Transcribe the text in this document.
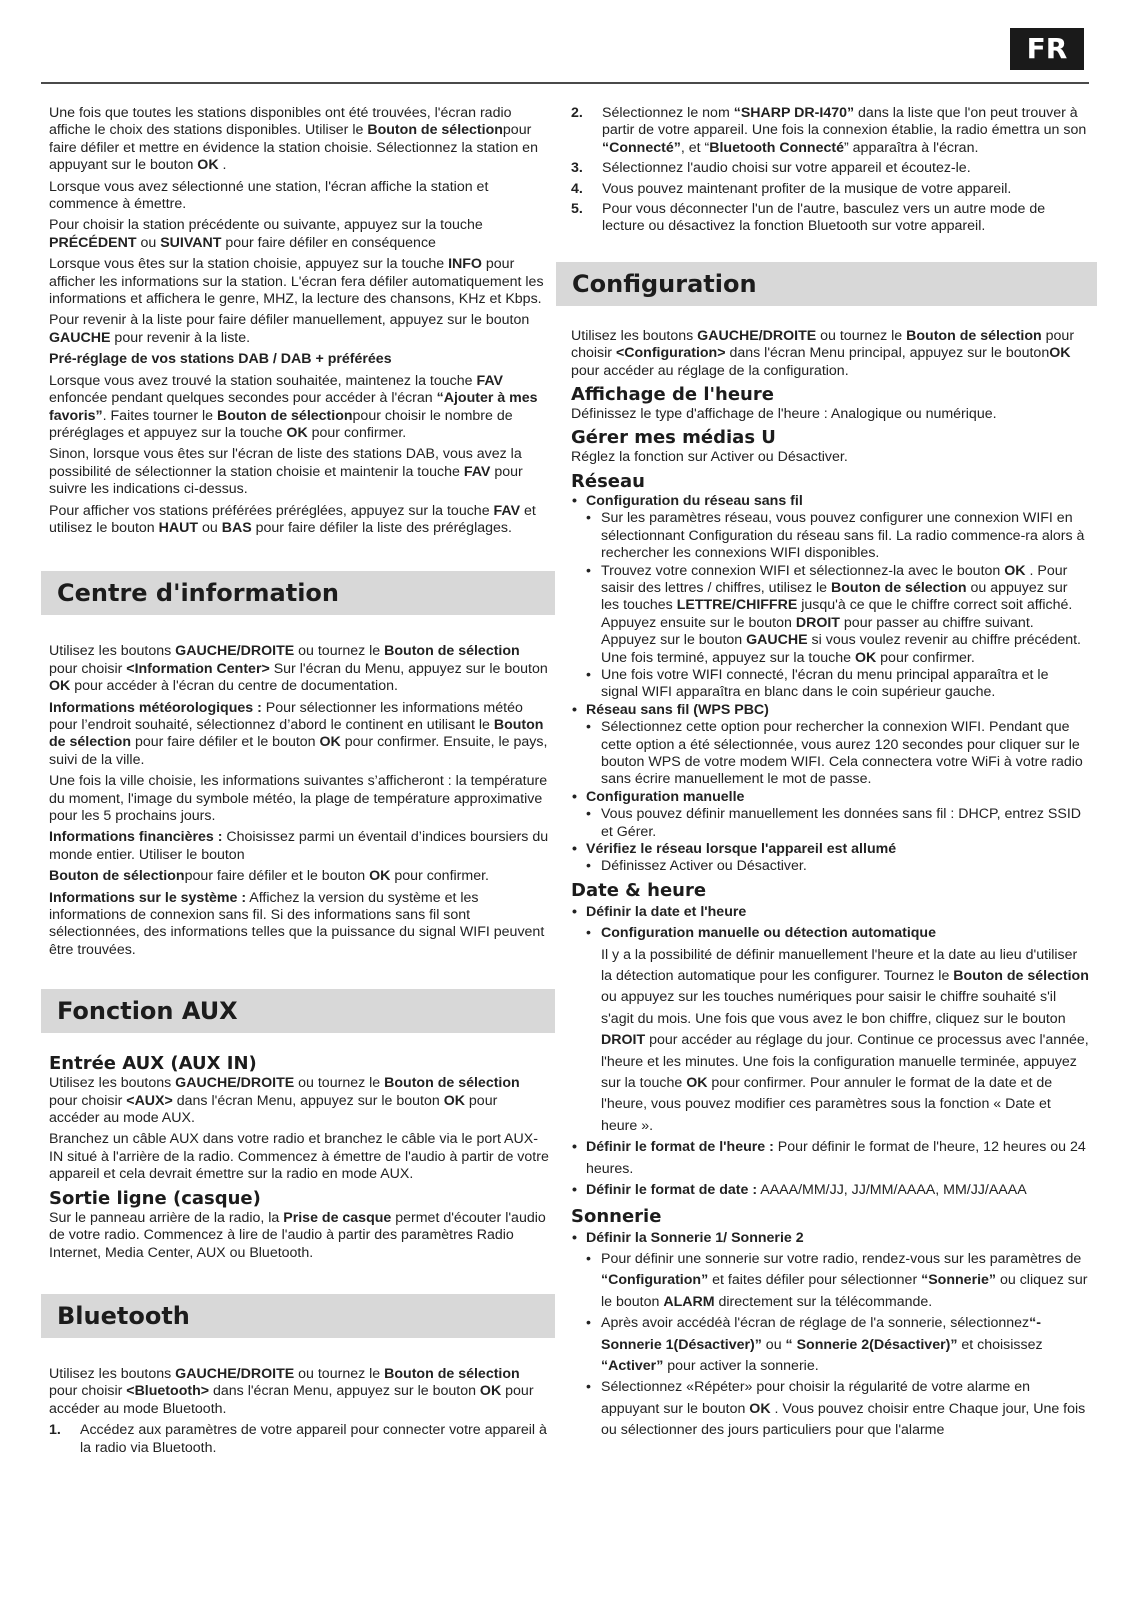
FR

Une fois que toutes les stations disponibles ont été trouvées, l'écran radio affiche le choix des stations disponibles. Utiliser le Bouton de sélectionpour faire défiler et mettre en évidence la station choisie. Sélectionnez la station en appuyant sur le bouton OK .

Lorsque vous avez sélectionné une station, l'écran affiche la station et commence à émettre.

Pour choisir la station précédente ou suivante, appuyez sur la touche PRÉCÉDENT ou SUIVANT pour faire défiler en conséquence

Lorsque vous êtes sur la station choisie, appuyez sur la touche INFO pour afficher les informations sur la station. L'écran fera défiler automatiquement les informations et affichera le genre, MHZ, la lecture des chansons, KHz et Kbps.

Pour revenir à la liste pour faire défiler manuellement, appuyez sur le bouton GAUCHE pour revenir à la liste.

Pré-réglage de vos stations DAB / DAB + préférées

Lorsque vous avez trouvé la station souhaitée, maintenez la touche FAV enfoncée pendant quelques secondes pour accéder à l'écran “Ajouter à mes favoris”. Faites tourner le Bouton de sélectionpour choisir le nombre de préréglages et appuyez sur la touche OK pour confirmer.

Sinon, lorsque vous êtes sur l'écran de liste des stations DAB, vous avez la possibilité de sélectionner la station choisie et maintenir la touche FAV pour suivre les indications ci-dessus.

Pour afficher vos stations préférées préréglées, appuyez sur la touche FAV et utilisez le bouton HAUT ou BAS pour faire défiler la liste des préréglages.

Centre d'information

Utilisez les boutons GAUCHE/DROITE ou tournez le Bouton de sélection pour choisir <Information Center> Sur l'écran du Menu, appuyez sur le bouton OK pour accéder à l'écran du centre de documentation.

Informations météorologiques : Pour sélectionner les informations météo pour l’endroit souhaité, sélectionnez d’abord le continent en utilisant le Bouton de sélection pour faire défiler et le bouton OK pour confirmer. Ensuite, le pays, suivi de la ville.

Une fois la ville choisie, les informations suivantes s’afficheront : la température du moment, l'image du symbole météo, la plage de température approximative pour les 5 prochains jours.

Informations financières : Choisissez parmi un éventail d’indices boursiers du monde entier. Utiliser le bouton

Bouton de sélectionpour faire défiler et le bouton OK pour confirmer.

Informations sur le système : Affichez la version du système et les informations de connexion sans fil. Si des informations sans fil sont sélectionnées, des informations telles que la puissance du signal WIFI peuvent être trouvées.

Fonction AUX
Entrée AUX (AUX IN)

Utilisez les boutons GAUCHE/DROITE ou tournez le Bouton de sélection pour choisir <AUX> dans l'écran Menu, appuyez sur le bouton OK pour accéder au mode AUX.

Branchez un câble AUX dans votre radio et branchez le câble via le port AUX-IN situé à l'arrière de la radio. Commencez à émettre de l'audio à partir de votre appareil et cela devrait émettre sur la radio en mode AUX.

Sortie ligne (casque)

Sur le panneau arrière de la radio, la Prise de casque permet d'écouter l'audio de votre radio. Commencez à lire de l'audio à partir des paramètres Radio Internet, Media Center, AUX ou Bluetooth.

Bluetooth

Utilisez les boutons GAUCHE/DROITE ou tournez le Bouton de sélection pour choisir <Bluetooth> dans l'écran Menu, appuyez sur le bouton OK pour accéder au mode Bluetooth.

1.	Accédez aux paramètres de votre appareil pour connecter votre appareil à la radio via Bluetooth.
2.	Sélectionnez le nom “SHARP DR-I470” dans la liste que l'on peut trouver à partir de votre appareil. Une fois la connexion établie, la radio émettra un son “Connecté”, et “Bluetooth Connecté” apparaîtra à l'écran.
3.	Sélectionnez l'audio choisi sur votre appareil et écoutez-le.
4.	Vous pouvez maintenant profiter de la musique de votre appareil.
5.	Pour vous déconnecter l'un de l'autre, basculez vers un autre mode de lecture ou désactivez la fonction Bluetooth sur votre appareil.
Configuration

Utilisez les boutons GAUCHE/DROITE ou tournez le Bouton de sélection pour choisir <Configuration> dans l'écran Menu principal, appuyez sur le boutonOK pour accéder au réglage de la configuration.

Affichage de l'heure

Définissez le type d'affichage de l'heure : Analogique ou numérique.

Gérer mes médias U

Réglez la fonction sur Activer ou Désactiver.

Réseau
• Configuration du réseau sans fil
• Sur les paramètres réseau, vous pouvez configurer une connexion WIFI en sélectionnant Configuration du réseau sans fil. La radio commence-ra alors à rechercher les connexions WIFI disponibles.
• Trouvez votre connexion WIFI et sélectionnez-la avec le bouton OK . Pour saisir des lettres / chiffres, utilisez le Bouton de sélection ou appuyez sur les touches LETTRE/CHIFFRE jusqu'à ce que le chiffre correct soit affiché. Appuyez ensuite sur le bouton DROIT pour passer au chiffre suivant. Appuyez sur le bouton GAUCHE si vous voulez revenir au chiffre précédent. Une fois terminé, appuyez sur la touche OK pour confirmer.
• Une fois votre WIFI connecté, l'écran du menu principal apparaîtra et le signal WIFI apparaîtra en blanc dans le coin supérieur gauche.
• Réseau sans fil (WPS PBC)
• Sélectionnez cette option pour rechercher la connexion WIFI. Pendant que cette option a été sélectionnée, vous aurez 120 secondes pour cliquer sur le bouton WPS de votre modem WIFI. Cela connectera votre WiFi à votre radio sans écrire manuellement le mot de passe.
• Configuration manuelle
• Vous pouvez définir manuellement les données sans fil : DHCP, entrez SSID et Gérer.
• Vérifiez le réseau lorsque l'appareil est allumé
• Définissez Activer ou Désactiver.
Date & heure
• Définir la date et l'heure
• Configuration manuelle ou détection automatique
Il y a la possibilité de définir manuellement l'heure et la date au lieu d'utiliser la détection automatique pour les configurer. Tournez le Bouton de sélection ou appuyez sur les touches numériques pour saisir le chiffre souhaité s'il s'agit du mois. Une fois que vous avez le bon chiffre, cliquez sur le bouton DROIT pour accéder au réglage du jour. Continue ce processus avec l'année, l'heure et les minutes. Une fois la configuration manuelle terminée, appuyez sur la touche OK pour confirmer. Pour annuler le format de la date et de l'heure, vous pouvez modifier ces paramètres sous la fonction « Date et heure ».
• Définir le format de l'heure : Pour définir le format de l'heure, 12 heures ou 24 heures.
• Définir le format de date : AAAA/MM/JJ, JJ/MM/AAAA, MM/JJ/AAAA
Sonnerie
• Définir la Sonnerie 1/ Sonnerie 2
• Pour définir une sonnerie sur votre radio, rendez-vous sur les paramètres de “Configuration” et faites défiler pour sélectionner “Sonnerie” ou cliquez sur le bouton ALARM directement sur la télécommande.
• Après avoir accédéà l'écran de réglage de l'a sonnerie, sélectionnez“- Sonnerie 1(Désactiver)” ou “ Sonnerie 2(Désactiver)” et choisissez “Activer” pour activer la sonnerie.
• Sélectionnez «Répéter» pour choisir la régularité de votre alarme en appuyant sur le bouton OK . Vous pouvez choisir entre Chaque jour, Une fois ou sélectionner des jours particuliers pour que l'alarme
